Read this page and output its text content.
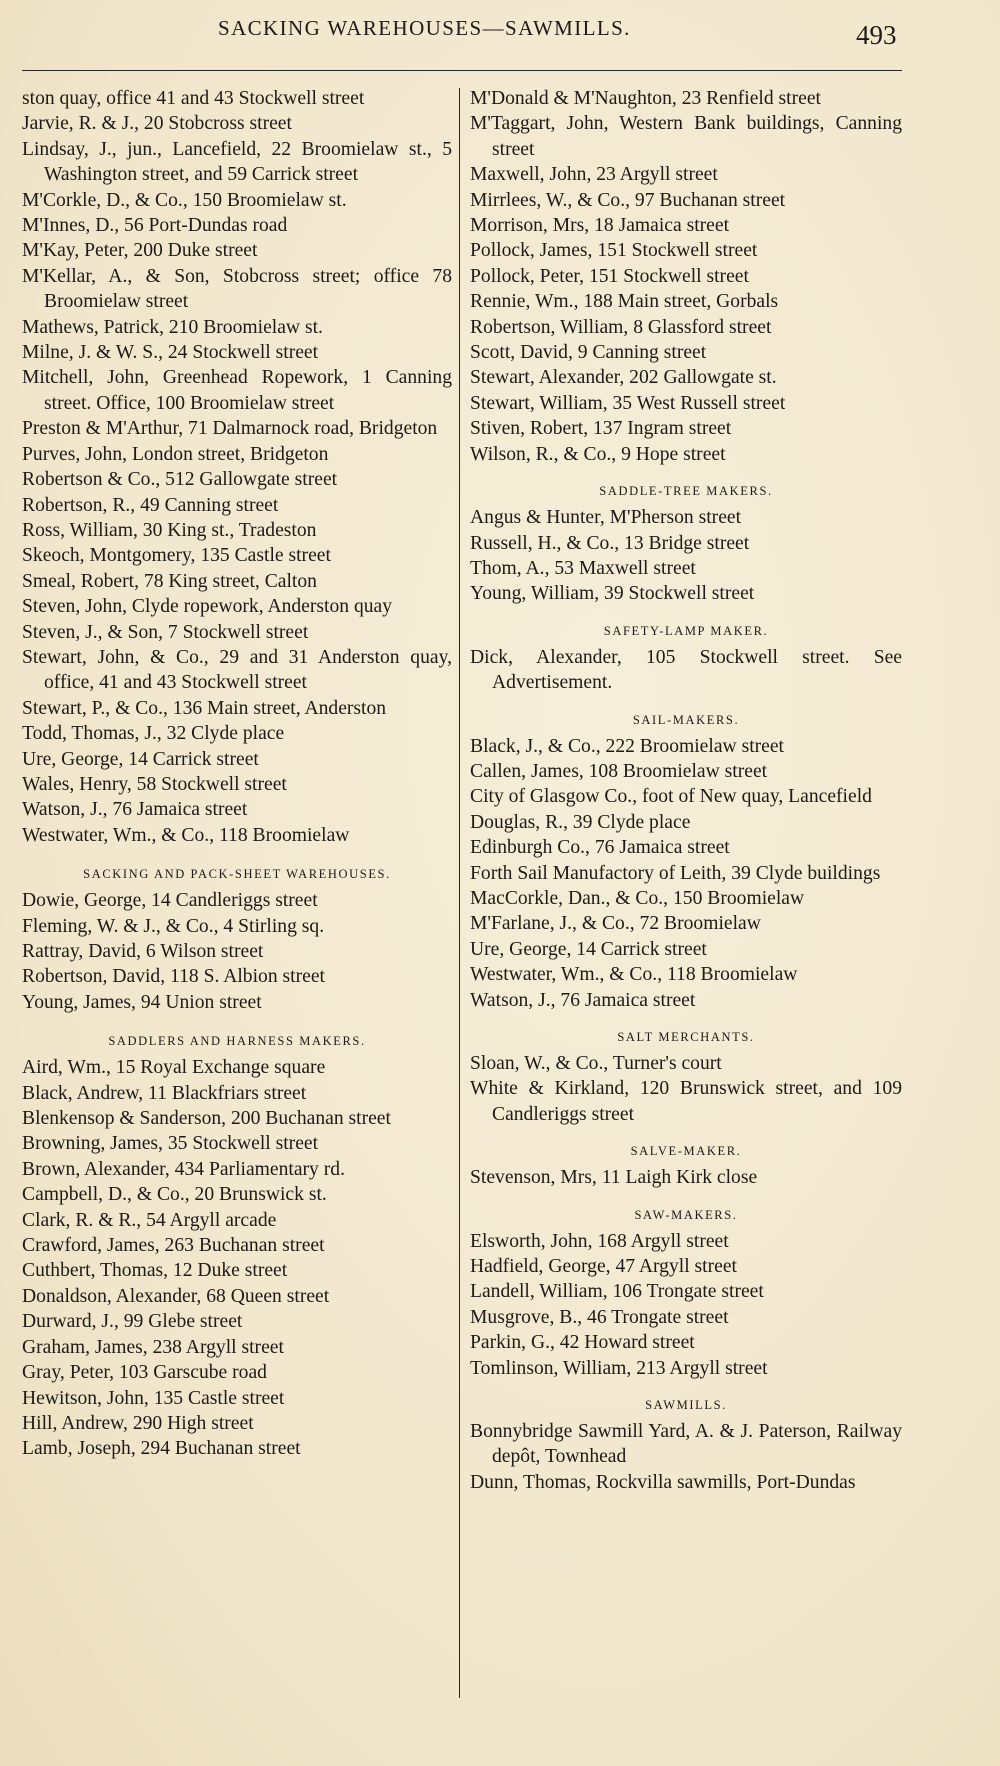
SACKING WAREHOUSES—SAWMILLS.	493
ston quay, office 41 and 43 Stockwell street
Jarvie, R. & J., 20 Stobcross street
Lindsay, J., jun., Lancefield, 22 Broomielaw st., 5 Washington street, and 59 Carrick street
M'Corkle, D., & Co., 150 Broomielaw st.
M'Innes, D., 56 Port-Dundas road
M'Kay, Peter, 200 Duke street
M'Kellar, A., & Son, Stobcross street; office 78 Broomielaw street
Mathews, Patrick, 210 Broomielaw st.
Milne, J. & W. S., 24 Stockwell street
Mitchell, John, Greenhead Ropework, 1 Canning street. Office, 100 Broomielaw street
Preston & M'Arthur, 71 Dalmarnock road, Bridgeton
Purves, John, London street, Bridgeton
Robertson & Co., 512 Gallowgate street
Robertson, R., 49 Canning street
Ross, William, 30 King st., Tradeston
Skeoch, Montgomery, 135 Castle street
Smeal, Robert, 78 King street, Calton
Steven, John, Clyde ropework, Anderston quay
Steven, J., & Son, 7 Stockwell street
Stewart, John, & Co., 29 and 31 Anderston quay, office, 41 and 43 Stockwell street
Stewart, P., & Co., 136 Main street, Anderston
Todd, Thomas, J., 32 Clyde place
Ure, George, 14 Carrick street
Wales, Henry, 58 Stockwell street
Watson, J., 76 Jamaica street
Westwater, Wm., & Co., 118 Broomielaw
SACKING AND PACK-SHEET WAREHOUSES.
Dowie, George, 14 Candleriggs street
Fleming, W. & J., & Co., 4 Stirling sq.
Rattray, David, 6 Wilson street
Robertson, David, 118 S. Albion street
Young, James, 94 Union street
SADDLERS AND HARNESS MAKERS.
Aird, Wm., 15 Royal Exchange square
Black, Andrew, 11 Blackfriars street
Blenkensop & Sanderson, 200 Buchanan street
Browning, James, 35 Stockwell street
Brown, Alexander, 434 Parliamentary rd.
Campbell, D., & Co., 20 Brunswick st.
Clark, R. & R., 54 Argyll arcade
Crawford, James, 263 Buchanan street
Cuthbert, Thomas, 12 Duke street
Donaldson, Alexander, 68 Queen street
Durward, J., 99 Glebe street
Graham, James, 238 Argyll street
Gray, Peter, 103 Garscube road
Hewitson, John, 135 Castle street
Hill, Andrew, 290 High street
Lamb, Joseph, 294 Buchanan street
M'Donald & M'Naughton, 23 Renfield street
M'Taggart, John, Western Bank buildings, Canning street
Maxwell, John, 23 Argyll street
Mirrlees, W., & Co., 97 Buchanan street
Morrison, Mrs, 18 Jamaica street
Pollock, James, 151 Stockwell street
Pollock, Peter, 151 Stockwell street
Rennie, Wm., 188 Main street, Gorbals
Robertson, William, 8 Glassford street
Scott, David, 9 Canning street
Stewart, Alexander, 202 Gallowgate st.
Stewart, William, 35 West Russell street
Stiven, Robert, 137 Ingram street
Wilson, R., & Co., 9 Hope street
SADDLE-TREE MAKERS.
Angus & Hunter, M'Pherson street
Russell, H., & Co., 13 Bridge street
Thom, A., 53 Maxwell street
Young, William, 39 Stockwell street
SAFETY-LAMP MAKER.
Dick, Alexander, 105 Stockwell street. See Advertisement.
SAIL-MAKERS.
Black, J., & Co., 222 Broomielaw street
Callen, James, 108 Broomielaw street
City of Glasgow Co., foot of New quay, Lancefield
Douglas, R., 39 Clyde place
Edinburgh Co., 76 Jamaica street
Forth Sail Manufactory of Leith, 39 Clyde buildings
MacCorkle, Dan., & Co., 150 Broomielaw
M'Farlane, J., & Co., 72 Broomielaw
Ure, George, 14 Carrick street
Westwater, Wm., & Co., 118 Broomielaw
Watson, J., 76 Jamaica street
SALT MERCHANTS.
Sloan, W., & Co., Turner's court
White & Kirkland, 120 Brunswick street, and 109 Candleriggs street
SALVE-MAKER.
Stevenson, Mrs, 11 Laigh Kirk close
SAW-MAKERS.
Elsworth, John, 168 Argyll street
Hadfield, George, 47 Argyll street
Landell, William, 106 Trongate street
Musgrove, B., 46 Trongate street
Parkin, G., 42 Howard street
Tomlinson, William, 213 Argyll street
SAWMILLS.
Bonnybridge Sawmill Yard, A. & J. Paterson, Railway depôt, Townhead
Dunn, Thomas, Rockvilla sawmills, Port-Dundas
